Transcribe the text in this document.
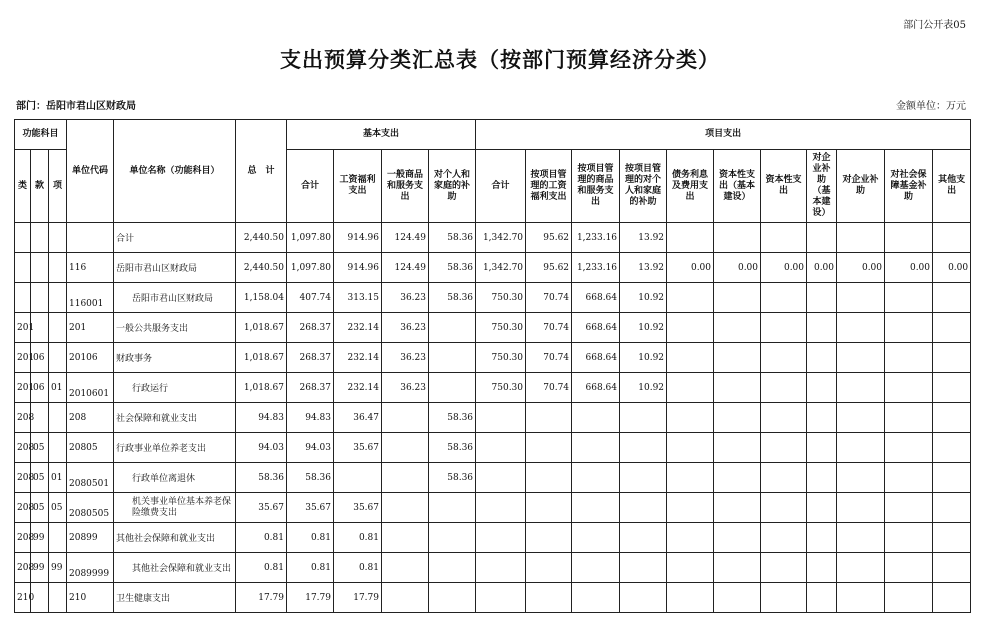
部门公开表05
支出预算分类汇总表（按部门预算经济分类）
部门：岳阳市君山区财政局	金额单位：万元
功能科目			单位代码	单位名称（功能科目）	总　计	基本支出				项目支出										
类	款	项				合计	工资福利支出	一般商品和服务支出	对个人和家庭的补助	合计	按项目管理的工资福利支出	按项目管理的商品和服务支出	按项目管理的对个人和家庭的补助	债务利息及费用支出	资本性支出（基本建设）	资本性支出	对企业补助（基本建设）	对企业补助	对社会保障基金补助	其他支出
				合计	2,440.50	1,097.80	914.96	124.49	58.36	1,342.70	95.62	1,233.16	13.92							
			116	岳阳市君山区财政局	2,440.50	1,097.80	914.96	124.49	58.36	1,342.70	95.62	1,233.16	13.92	0.00	0.00	0.00	0.00	0.00	0.00	0.00
			116001	岳阳市君山区财政局	1,158.04	407.74	313.15	36.23	58.36	750.30	70.74	668.64	10.92							
201			201	一般公共服务支出	1,018.67	268.37	232.14	36.23		750.30	70.74	668.64	10.92							
201	06		20106	财政事务	1,018.67	268.37	232.14	36.23		750.30	70.74	668.64	10.92							
201	06	01	2010601	行政运行	1,018.67	268.37	232.14	36.23		750.30	70.74	668.64	10.92							
208			208	社会保障和就业支出	94.83	94.83	36.47		58.36											
208	05		20805	行政事业单位养老支出	94.03	94.03	35.67		58.36											
208	05	01	2080501	行政单位离退休	58.36	58.36			58.36											
208	05	05	2080505	机关事业单位基本养老保险缴费支出	35.67	35.67	35.67													
208	99		20899	其他社会保障和就业支出	0.81	0.81	0.81													
208	99	99	2089999	其他社会保障和就业支出	0.81	0.81	0.81													
210			210	卫生健康支出	17.79	17.79	17.79													
